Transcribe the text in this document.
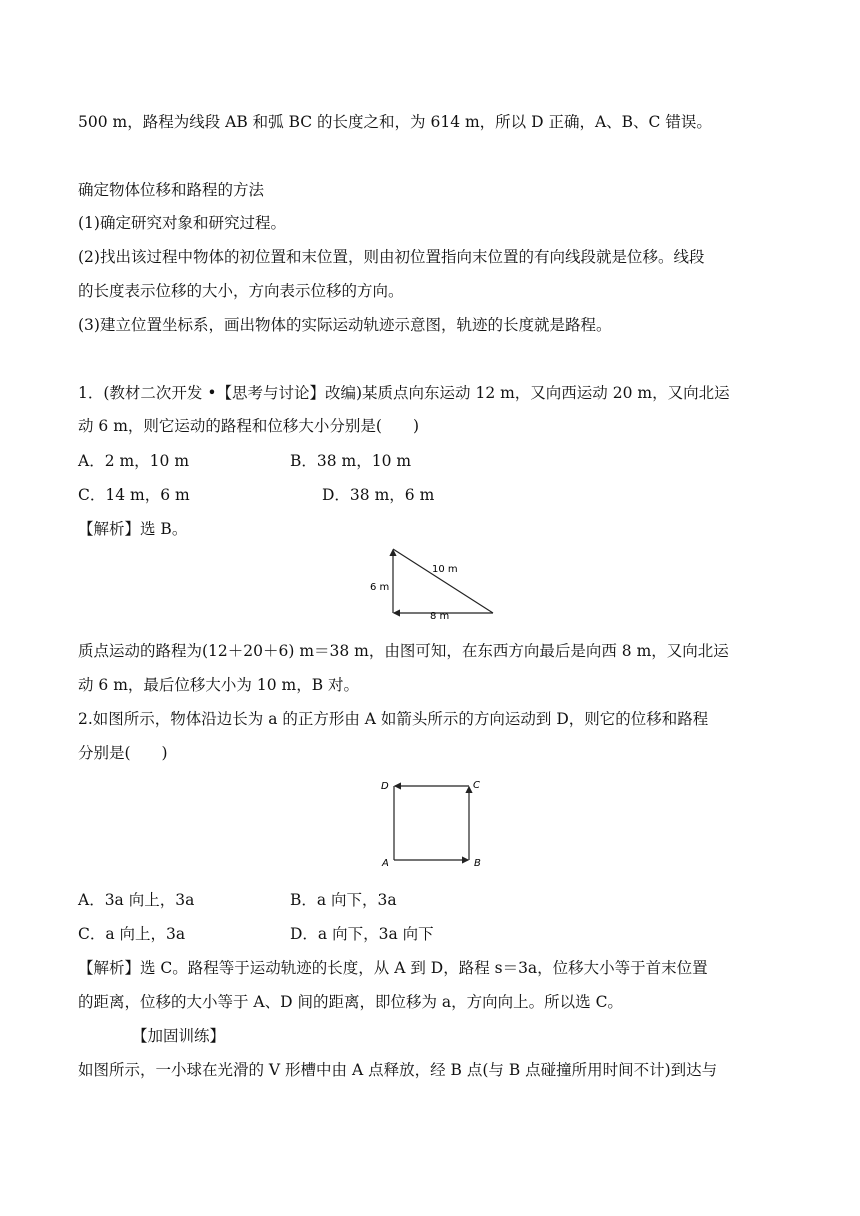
500 m，路程为线段 AB 和弧 BC 的长度之和，为 614 m，所以 D 正确，A、B、C 错误。
确定物体位移和路程的方法
(1)确定研究对象和研究过程。
(2)找出该过程中物体的初位置和末位置，则由初位置指向末位置的有向线段就是位移。线段
的长度表示位移的大小，方向表示位移的方向。
(3)建立位置坐标系，画出物体的实际运动轨迹示意图，轨迹的长度就是路程。
1．(教材二次开发 •【思考与讨论】改编)某质点向东运动 12 m，又向西运动 20 m，又向北运
动 6 m，则它运动的路程和位移大小分别是(　　)
A．2 m，10 m	B．38 m，10 m
C．14 m，6 m	D．38 m，6 m
【解析】选 B。
10 m
6 m
8 m
质点运动的路程为(12＋20＋6) m＝38 m，由图可知，在东西方向最后是向西 8 m，又向北运
动 6 m，最后位移大小为 10 m，B 对。
2.如图所示，物体沿边长为 a 的正方形由 A 如箭头所示的方向运动到 D，则它的位移和路程
分别是(　　)
A	B
C
D
A．3a 向上，3a	B．a 向下，3a
C．a 向上，3a	D．a 向下，3a 向下
【解析】选 C。路程等于运动轨迹的长度，从 A 到 D，路程 s＝3a，位移大小等于首末位置
的距离，位移的大小等于 A、D 间的距离，即位移为 a，方向向上。所以选 C。
【加固训练】
如图所示，一小球在光滑的 V 形槽中由 A 点释放，经 B 点(与 B 点碰撞所用时间不计)到达与
